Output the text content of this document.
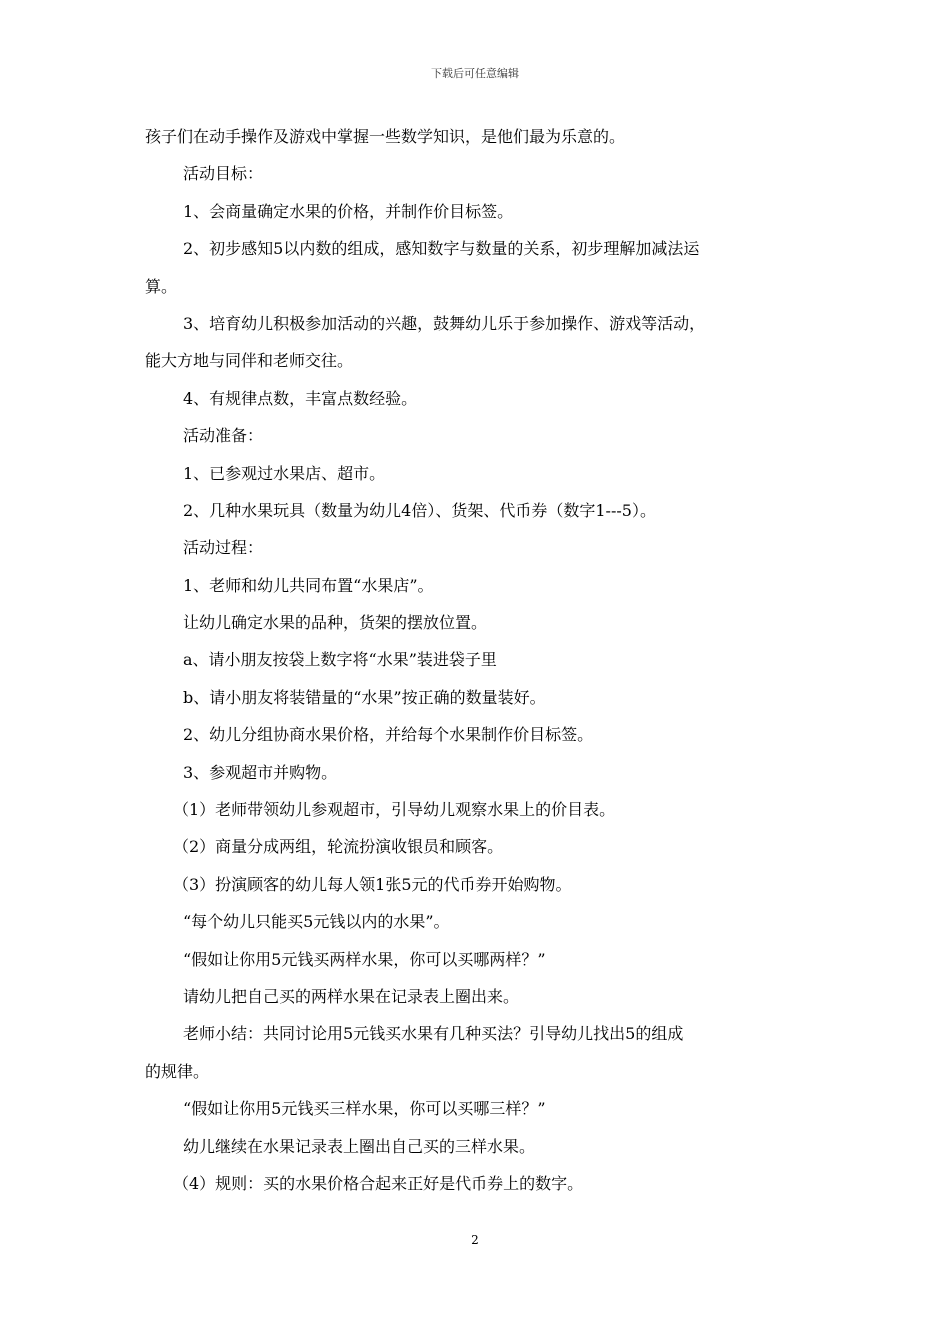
下载后可任意编辑
孩子们在动手操作及游戏中掌握一些数学知识，是他们最为乐意的。
活动目标：
1、会商量确定水果的价格，并制作价目标签。
2、初步感知5以内数的组成，感知数字与数量的关系，初步理解加减法运
算。
3、培育幼儿积极参加活动的兴趣，鼓舞幼儿乐于参加操作、游戏等活动，
能大方地与同伴和老师交往。
4、有规律点数，丰富点数经验。
活动准备：
1、已参观过水果店、超市。
2、几种水果玩具（数量为幼儿4倍）、货架、代币券（数字1---5）。
活动过程：
1、老师和幼儿共同布置“水果店”。
让幼儿确定水果的品种，货架的摆放位置。
a、请小朋友按袋上数字将“水果”装进袋子里
b、请小朋友将装错量的“水果”按正确的数量装好。
2、幼儿分组协商水果价格，并给每个水果制作价目标签。
3、参观超市并购物。
（1）老师带领幼儿参观超市，引导幼儿观察水果上的价目表。
（2）商量分成两组，轮流扮演收银员和顾客。
（3）扮演顾客的幼儿每人领1张5元的代币券开始购物。
“每个幼儿只能买5元钱以内的水果”。
“假如让你用5元钱买两样水果，你可以买哪两样？”
请幼儿把自己买的两样水果在记录表上圈出来。
老师小结：共同讨论用5元钱买水果有几种买法？引导幼儿找出5的组成
的规律。
“假如让你用5元钱买三样水果，你可以买哪三样？”
幼儿继续在水果记录表上圈出自己买的三样水果。
（4）规则：买的水果价格合起来正好是代币券上的数字。
2
